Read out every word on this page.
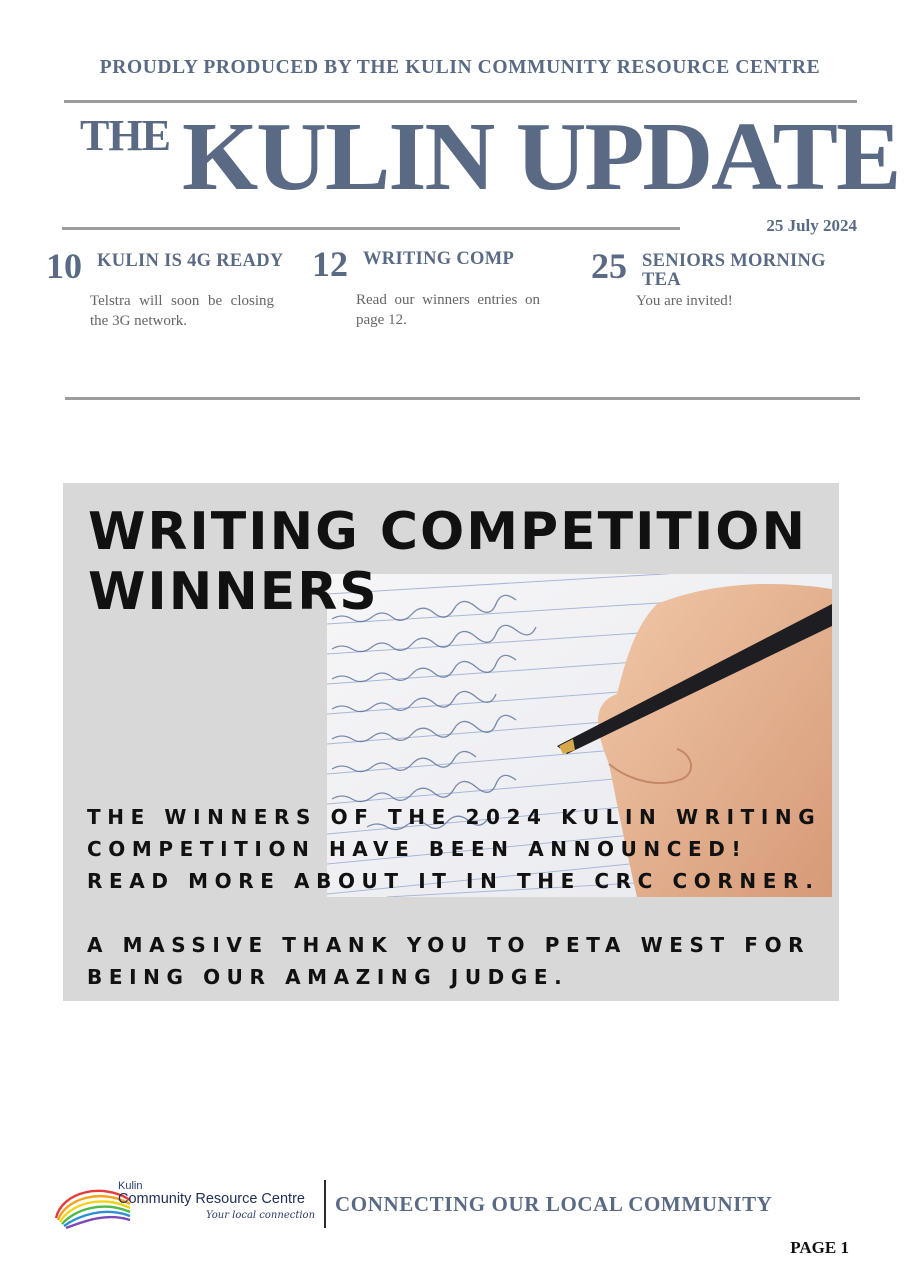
PROUDLY PRODUCED BY THE KULIN COMMUNITY RESOURCE CENTRE
THE KULIN UPDATE
25 July 2024
10 KULIN IS 4G READY
Telstra will soon be closing the 3G network.
12 WRITING COMP
Read our winners entries on page 12.
25 SENIORS MORNING TEA
You are invited!
WRITING COMPETITION
WINNERS
THE WINNERS OF THE 2024 KULIN WRITING
COMPETITION HAVE BEEN ANNOUNCED!
READ MORE ABOUT IT IN THE CRC CORNER.
A MASSIVE THANK YOU TO PETA WEST FOR
BEING OUR AMAZING JUDGE.
Kulin
Community Resource Centre
Your local connection CONNECTING OUR LOCAL COMMUNITY
PAGE 1
